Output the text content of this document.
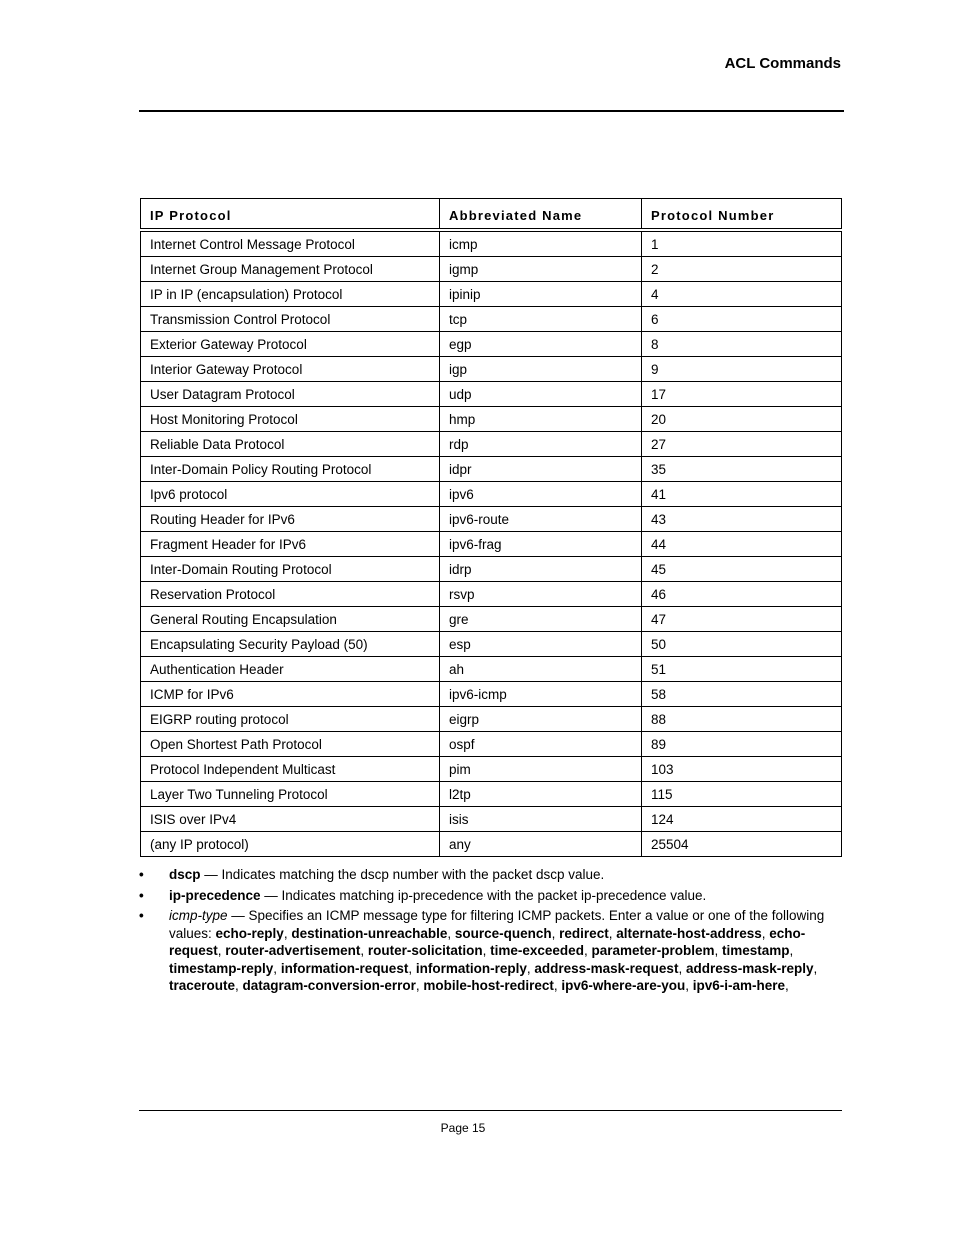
ACL Commands
IP Protocol	Abbreviated Name	Protocol Number
Internet Control Message Protocol	icmp	1
Internet Group Management Protocol	igmp	2
IP in IP (encapsulation) Protocol	ipinip	4
Transmission Control Protocol	tcp	6
Exterior Gateway Protocol	egp	8
Interior Gateway Protocol	igp	9
User Datagram Protocol	udp	17
Host Monitoring Protocol	hmp	20
Reliable Data Protocol	rdp	27
Inter-Domain Policy Routing Protocol	idpr	35
Ipv6 protocol	ipv6	41
Routing Header for IPv6	ipv6-route	43
Fragment Header for IPv6	ipv6-frag	44
Inter-Domain Routing Protocol	idrp	45
Reservation Protocol	rsvp	46
General Routing Encapsulation	gre	47
Encapsulating Security Payload (50)	esp	50
Authentication Header	ah	51
ICMP for IPv6	ipv6-icmp	58
EIGRP routing protocol	eigrp	88
Open Shortest Path Protocol	ospf	89
Protocol Independent Multicast	pim	103
Layer Two Tunneling Protocol	l2tp	115
ISIS over IPv4	isis	124
(any IP protocol)	any	25504
• dscp — Indicates matching the dscp number with the packet dscp value.
• ip-precedence — Indicates matching ip-precedence with the packet ip-precedence value.
• icmp-type — Specifies an ICMP message type for filtering ICMP packets. Enter a value or one of the following values: echo-reply, destination-unreachable, source-quench, redirect, alternate-host-address, echo-request, router-advertisement, router-solicitation, time-exceeded, parameter-problem, timestamp, timestamp-reply, information-request, information-reply, address-mask-request, address-mask-reply, traceroute, datagram-conversion-error, mobile-host-redirect, ipv6-where-are-you, ipv6-i-am-here,
Page 15
